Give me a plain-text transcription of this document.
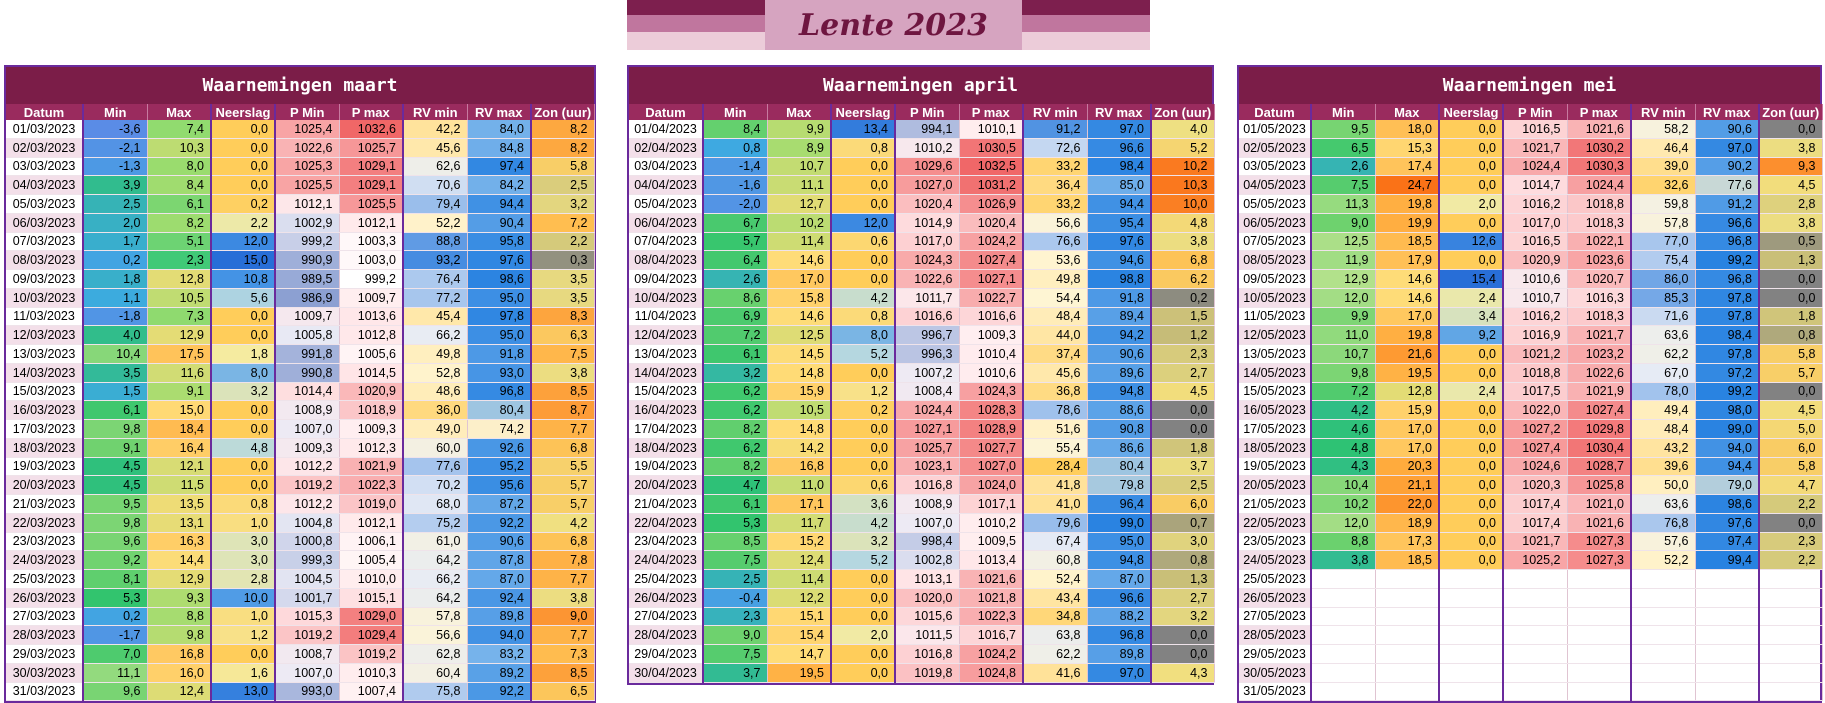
Lente 2023
Waarnemingen maart
Datum	Min	Max	Neerslag	P Min	P max	RV min	RV max	Zon (uur)
01/03/2023	-3,6	7,4	0,0	1025,4	1032,6	42,2	84,0	8,2
02/03/2023	-2,1	10,3	0,0	1022,6	1025,7	45,6	84,8	8,2
03/03/2023	-1,3	8,0	0,0	1025,3	1029,1	62,6	97,4	5,8
04/03/2023	3,9	8,4	0,0	1025,5	1029,1	70,6	84,2	2,5
05/03/2023	2,5	6,1	0,2	1012,1	1025,5	79,4	94,4	3,2
06/03/2023	2,0	8,2	2,2	1002,9	1012,1	52,2	90,4	7,2
07/03/2023	1,7	5,1	12,0	999,2	1003,3	88,8	95,8	2,2
08/03/2023	0,2	2,3	15,0	990,9	1003,0	93,2	97,6	0,3
09/03/2023	1,8	12,8	10,8	989,5	999,2	76,4	98,6	3,5
10/03/2023	1,1	10,5	5,6	986,9	1009,7	77,2	95,0	3,5
11/03/2023	-1,8	7,3	0,0	1009,7	1013,6	45,4	97,8	8,3
12/03/2023	4,0	12,9	0,0	1005,8	1012,8	66,2	95,0	6,3
13/03/2023	10,4	17,5	1,8	991,8	1005,6	49,8	91,8	7,5
14/03/2023	3,5	11,6	8,0	990,8	1014,5	52,8	93,0	3,8
15/03/2023	1,5	9,1	3,2	1014,4	1020,9	48,6	96,8	8,5
16/03/2023	6,1	15,0	0,0	1008,9	1018,9	36,0	80,4	8,7
17/03/2023	9,8	18,4	0,0	1007,0	1009,3	49,0	74,2	7,7
18/03/2023	9,1	16,4	4,8	1009,3	1012,3	60,0	92,6	6,8
19/03/2023	4,5	12,1	0,0	1012,2	1021,9	77,6	95,2	5,5
20/03/2023	4,5	11,5	0,0	1019,2	1022,3	70,2	95,6	5,7
21/03/2023	9,5	13,5	0,8	1012,2	1019,0	68,0	87,2	5,7
22/03/2023	9,8	13,1	1,0	1004,8	1012,1	75,2	92,2	4,2
23/03/2023	9,6	16,3	3,0	1000,8	1006,1	61,0	90,6	6,8
24/03/2023	9,2	14,4	3,0	999,3	1005,4	64,2	87,8	7,8
25/03/2023	8,1	12,9	2,8	1004,5	1010,0	66,2	87,0	7,7
26/03/2023	5,3	9,3	10,0	1001,7	1015,1	64,2	92,4	3,8
27/03/2023	0,2	8,8	1,0	1015,3	1029,0	57,8	89,8	9,0
28/03/2023	-1,7	9,8	1,2	1019,2	1029,4	56,6	94,0	7,7
29/03/2023	7,0	16,8	0,0	1008,7	1019,2	62,8	83,2	7,3
30/03/2023	11,1	16,0	1,6	1007,0	1010,3	60,4	89,2	8,5
31/03/2023	9,6	12,4	13,0	993,0	1007,4	75,8	92,2	6,5
Waarnemingen april
Datum	Min	Max	Neerslag	P Min	P max	RV min	RV max	Zon (uur)
01/04/2023	8,4	9,9	13,4	994,1	1010,1	91,2	97,0	4,0
02/04/2023	0,8	8,9	0,8	1010,2	1030,5	72,6	96,6	5,2
03/04/2023	-1,4	10,7	0,0	1029,6	1032,5	33,2	98,4	10,2
04/04/2023	-1,6	11,1	0,0	1027,0	1031,2	36,4	85,0	10,3
05/04/2023	-2,0	12,7	0,0	1020,4	1026,9	33,2	94,4	10,0
06/04/2023	6,7	10,2	12,0	1014,9	1020,4	56,6	95,4	4,8
07/04/2023	5,7	11,4	0,6	1017,0	1024,2	76,6	97,6	3,8
08/04/2023	6,4	14,6	0,0	1024,3	1027,4	53,6	94,6	6,8
09/04/2023	2,6	17,0	0,0	1022,6	1027,1	49,8	98,8	6,2
10/04/2023	8,6	15,8	4,2	1011,7	1022,7	54,4	91,8	0,2
11/04/2023	6,9	14,6	0,8	1016,6	1016,6	48,4	89,4	1,5
12/04/2023	7,2	12,5	8,0	996,7	1009,3	44,0	94,2	1,2
13/04/2023	6,1	14,5	5,2	996,3	1010,4	37,4	90,6	2,3
14/04/2023	3,2	14,8	0,0	1007,2	1010,6	45,6	89,6	2,7
15/04/2023	6,2	15,9	1,2	1008,4	1024,3	36,8	94,8	4,5
16/04/2023	6,2	10,5	0,2	1024,4	1028,3	78,6	88,6	0,0
17/04/2023	8,2	14,8	0,0	1027,1	1028,9	51,6	90,8	0,0
18/04/2023	6,2	14,2	0,0	1025,7	1027,7	55,4	86,6	1,8
19/04/2023	8,2	16,8	0,0	1023,1	1027,0	28,4	80,4	3,7
20/04/2023	4,7	11,0	0,6	1016,8	1024,0	41,8	79,8	2,5
21/04/2023	6,1	17,1	3,6	1008,9	1017,1	41,0	96,4	6,0
22/04/2023	5,3	11,7	4,2	1007,0	1010,2	79,6	99,0	0,7
23/04/2023	8,5	15,2	3,2	998,4	1009,5	67,4	95,0	3,0
24/04/2023	7,5	12,4	5,2	1002,8	1013,4	60,8	94,8	0,8
25/04/2023	2,5	11,4	0,0	1013,1	1021,6	52,4	87,0	1,3
26/04/2023	-0,4	12,2	0,0	1020,0	1021,8	43,4	96,6	2,7
27/04/2023	2,3	15,1	0,0	1015,6	1022,3	34,8	88,2	3,2
28/04/2023	9,0	15,4	2,0	1011,5	1016,7	63,8	96,8	0,0
29/04/2023	7,5	14,7	0,0	1016,8	1024,2	62,2	89,8	0,0
30/04/2023	3,7	19,5	0,0	1019,8	1024,8	41,6	97,0	4,3
Waarnemingen mei
Datum	Min	Max	Neerslag	P Min	P max	RV min	RV max	Zon (uur)
01/05/2023	9,5	18,0	0,0	1016,5	1021,6	58,2	90,6	0,0
02/05/2023	6,5	15,3	0,0	1021,7	1030,2	46,4	97,0	3,8
03/05/2023	2,6	17,4	0,0	1024,4	1030,3	39,0	90,2	9,3
04/05/2023	7,5	24,7	0,0	1014,7	1024,4	32,6	77,6	4,5
05/05/2023	11,3	19,8	2,0	1016,2	1018,8	59,8	91,2	2,8
06/05/2023	9,0	19,9	0,0	1017,0	1018,3	57,8	96,6	3,8
07/05/2023	12,5	18,5	12,6	1016,5	1022,1	77,0	96,8	0,5
08/05/2023	11,9	17,9	0,0	1020,9	1023,6	75,4	99,2	1,3
09/05/2023	12,9	14,6	15,4	1010,6	1020,7	86,0	96,8	0,0
10/05/2023	12,0	14,6	2,4	1010,7	1016,3	85,3	97,8	0,0
11/05/2023	9,9	17,0	3,4	1016,2	1018,3	71,6	97,8	1,8
12/05/2023	11,0	19,8	9,2	1016,9	1021,7	63,6	98,4	0,8
13/05/2023	10,7	21,6	0,0	1021,2	1023,2	62,2	97,8	5,8
14/05/2023	9,8	19,5	0,0	1018,8	1022,6	67,0	97,2	5,7
15/05/2023	7,2	12,8	2,4	1017,5	1021,9	78,0	99,2	0,0
16/05/2023	4,2	15,9	0,0	1022,0	1027,4	49,4	98,0	4,5
17/05/2023	4,6	17,0	0,0	1027,2	1029,8	48,4	99,0	5,0
18/05/2023	4,8	17,0	0,0	1027,4	1030,4	43,2	94,0	6,0
19/05/2023	4,3	20,3	0,0	1024,6	1028,7	39,6	94,4	5,8
20/05/2023	10,4	21,1	0,0	1020,3	1025,8	50,0	79,0	4,7
21/05/2023	10,2	22,0	0,0	1017,4	1021,0	63,6	98,6	2,2
22/05/2023	12,0	18,9	0,0	1017,4	1021,6	76,8	97,6	0,0
23/05/2023	8,8	17,3	0,0	1021,7	1027,3	57,6	97,4	2,3
24/05/2023	3,8	18,5	0,0	1025,2	1027,3	52,2	99,4	2,2
25/05/2023								
26/05/2023								
27/05/2023								
28/05/2023								
29/05/2023								
30/05/2023								
31/05/2023								
